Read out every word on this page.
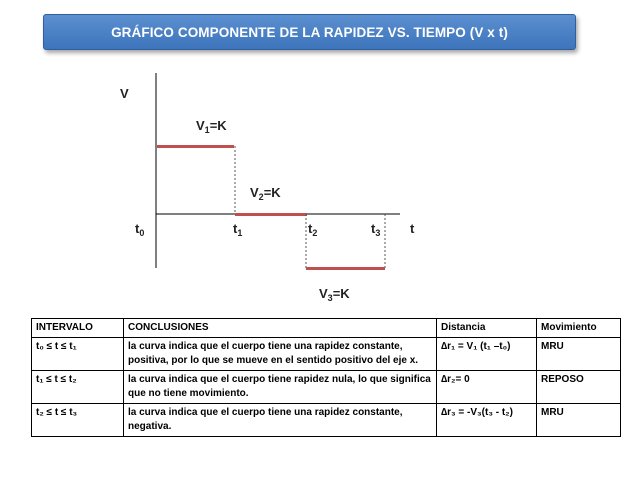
GRÁFICO COMPONENTE DE LA RAPIDEZ VS. TIEMPO (V x t)
V
t
$t_0$	$t_1$	$t_2$	$t_3$
$V_1=K$
$V_2=K$
$V_3=K$
INTERVALO	CONCLUSIONES	Distancia	Movimiento
t₀ ≤ t ≤ t₁	la curva indica que el cuerpo tiene una rapidez constante, positiva, por lo que se mueve en el sentido positivo del eje x.	∆r₁ = V₁ (t₁ –t₀)	MRU
t₁ ≤ t ≤ t₂	la curva indica que el cuerpo tiene rapidez nula, lo que significa que no tiene movimiento.	∆r₂= 0	REPOSO
t₂ ≤ t ≤ t₃	la curva indica que el cuerpo tiene una rapidez constante, negativa.	∆r₃ = -V₃(t₃ - t₂)	MRU
